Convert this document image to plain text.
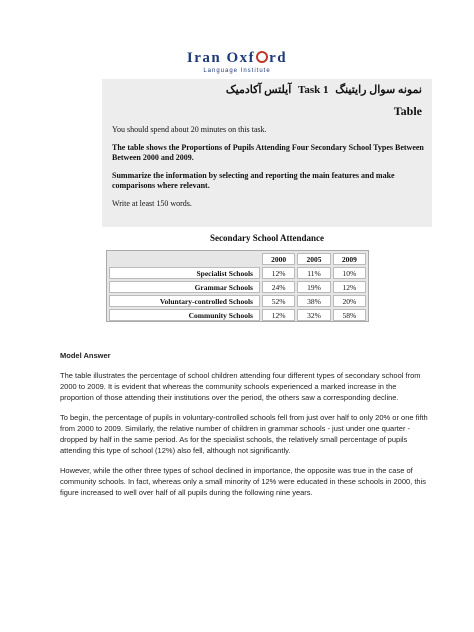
Iran Oxf rd
Language Institute
نمونه سوال رایتینگ Task 1 آیلتس آکادمیک
Table

You should spend about 20 minutes on this task.

The table shows the Proportions of Pupils Attending Four Secondary School Types Between Between 2000 and 2009.

Summarize the information by selecting and reporting the main features and make comparisons where relevant.

Write at least 150 words.

Secondary School Attendance
	2000	2005	2009
Specialist Schools	12%	11%	10%
Grammar Schools	24%	19%	12%
Voluntary-controlled Schools	52%	38%	20%
Community Schools	12%	32%	58%
Model Answer

The table illustrates the percentage of school children attending four different types of secondary school from 2000 to 2009. It is evident that whereas the community schools experienced a marked increase in the proportion of those attending their institutions over the period, the others saw a corresponding decline.

To begin, the percentage of pupils in voluntary-controlled schools fell from just over half to only 20% or one fifth from 2000 to 2009. Similarly, the relative number of children in grammar schools - just under one quarter - dropped by half in the same period. As for the specialist schools, the relatively small percentage of pupils attending this type of school (12%) also fell, although not significantly.

However, while the other three types of school declined in importance, the opposite was true in the case of community schools. In fact, whereas only a small minority of 12% were educated in these schools in 2000, this figure increased to well over half of all pupils during the following nine years.
